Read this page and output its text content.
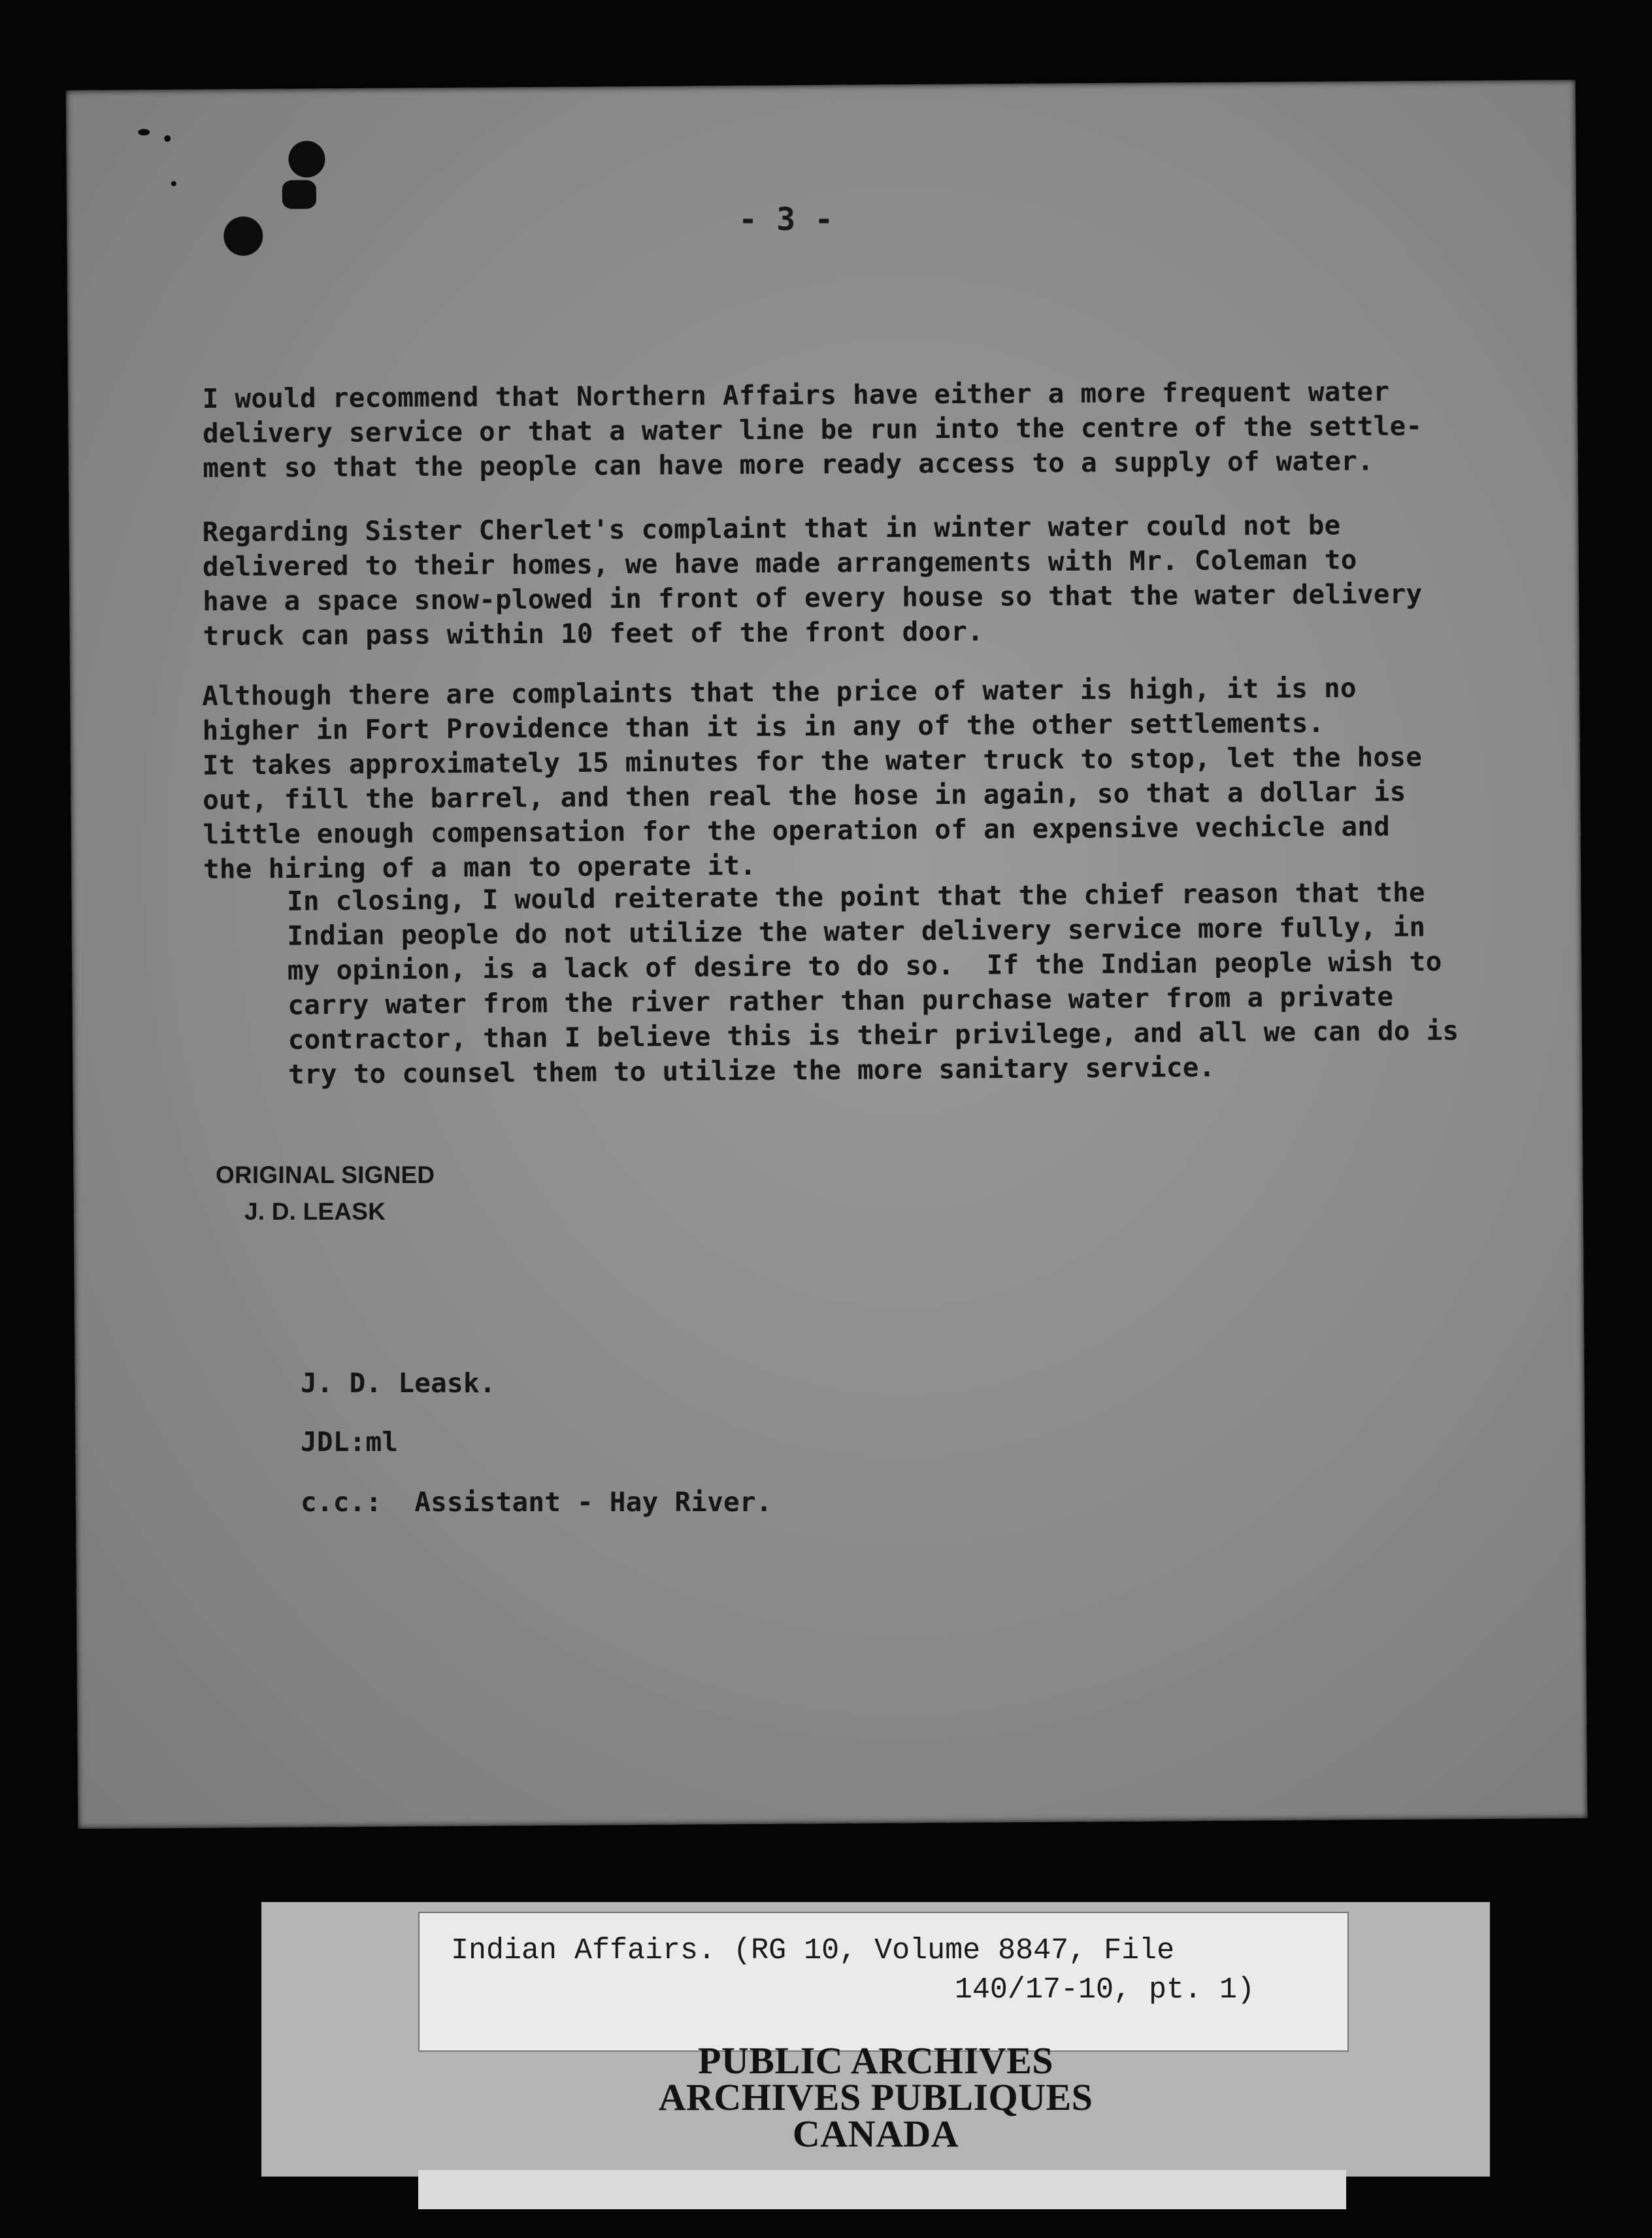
- 3 -

I would recommend that Northern Affairs have either a more frequent water
delivery service or that a water line be run into the centre of the settle-
ment so that the people can have more ready access to a supply of water.

Regarding Sister Cherlet's complaint that in winter water could not be
delivered to their homes, we have made arrangements with Mr. Coleman to
have a space snow-plowed in front of every house so that the water delivery
truck can pass within 10 feet of the front door.

Although there are complaints that the price of water is high, it is no
higher in Fort Providence than it is in any of the other settlements.
It takes approximately 15 minutes for the water truck to stop, let the hose
out, fill the barrel, and then real the hose in again, so that a dollar is
little enough compensation for the operation of an expensive vechicle and
the hiring of a man to operate it.

In closing, I would reiterate the point that the chief reason that the
Indian people do not utilize the water delivery service more fully, in
my opinion, is a lack of desire to do so.  If the Indian people wish to
carry water from the river rather than purchase water from a private
contractor, than I believe this is their privilege, and all we can do is
try to counsel them to utilize the more sanitary service.

ORIGINAL SIGNED
J. D. LEASK
J. D. Leask.
JDL:ml
c.c.:  Assistant - Hay River.
Indian Affairs. (RG 10, Volume 8847, File
140/17-10, pt. 1)
PUBLIC ARCHIVES
ARCHIVES PUBLIQUES
CANADA
